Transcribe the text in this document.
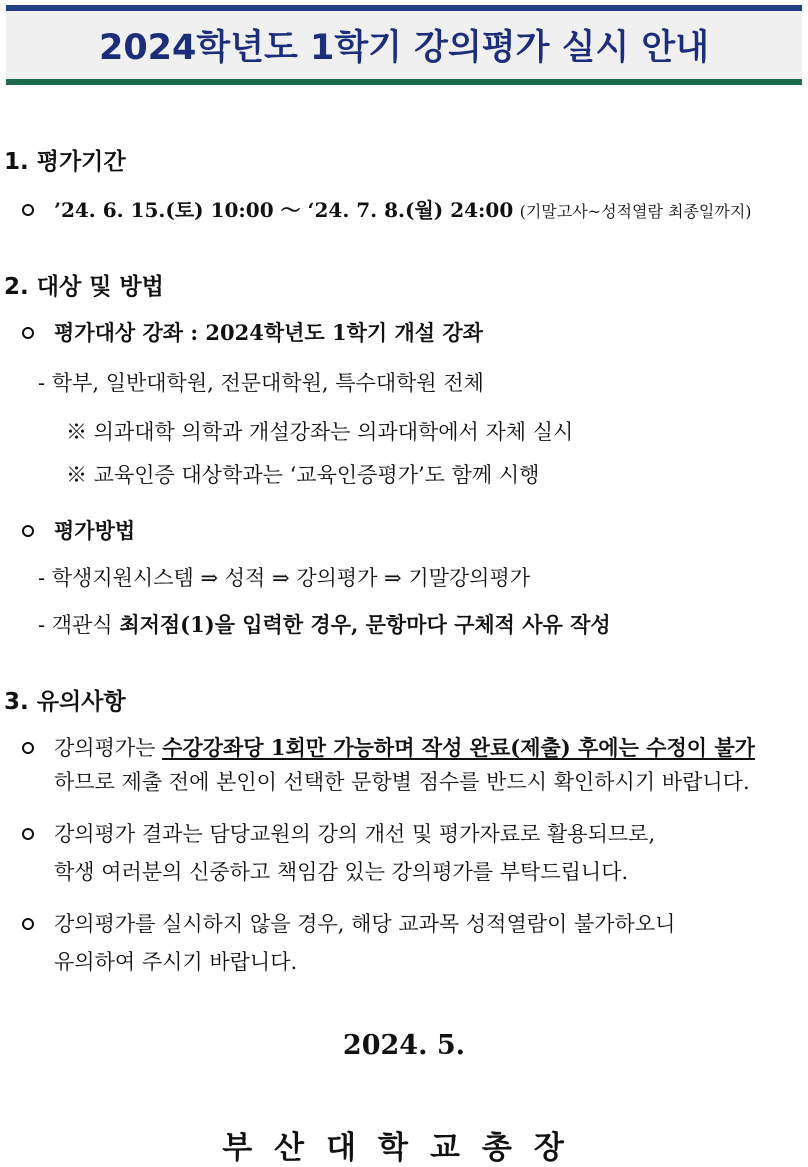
2024학년도 1학기 강의평가 실시 안내
1. 평가기간
’24. 6. 15.(토) 10:00 ～ ‘24. 7. 8.(월) 24:00 (기말고사~성적열람 최종일까지)
2. 대상 및 방법
평가대상 강좌 : 2024학년도 1학기 개설 강좌
- 학부, 일반대학원, 전문대학원, 특수대학원 전체
※ 의과대학 의학과 개설강좌는 의과대학에서 자체 실시
※ 교육인증 대상학과는 ‘교육인증평가’도 함께 시행
평가방법
- 학생지원시스템 ⇒ 성적 ⇒ 강의평가 ⇒ 기말강의평가
- 객관식 최저점(1)을 입력한 경우, 문항마다 구체적 사유 작성
3. 유의사항
강의평가는 수강강좌당 1회만 가능하며 작성 완료(제출) 후에는 수정이 불가
하므로 제출 전에 본인이 선택한 문항별 점수를 반드시 확인하시기 바랍니다.
강의평가 결과는 담당교원의 강의 개선 및 평가자료로 활용되므로,
학생 여러분의 신중하고 책임감 있는 강의평가를 부탁드립니다.
강의평가를 실시하지 않을 경우, 해당 교과목 성적열람이 불가하오니
유의하여 주시기 바랍니다.
2024. 5.
부산대학교총장
